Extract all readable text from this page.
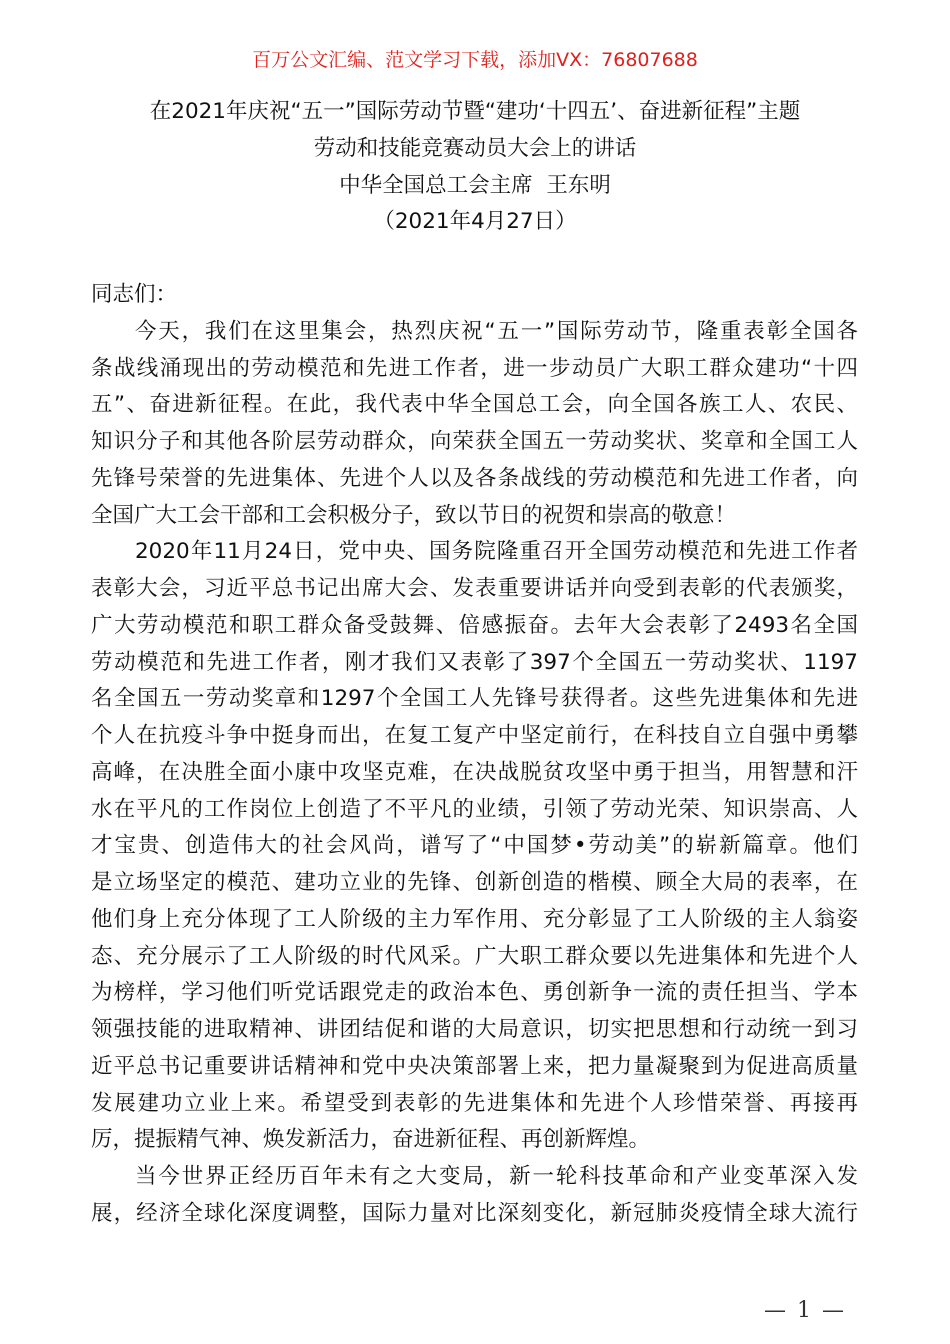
百万公文汇编、范文学习下载，添加VX：76807688
在2021年庆祝“五一”国际劳动节暨“建功‘十四五’、奋进新征程”主题
劳动和技能竞赛动员大会上的讲话
中华全国总工会主席  王东明
（2021年4月27日）
同志们：
今天，我们在这里集会，热烈庆祝“五一”国际劳动节，隆重表彰全国各
条战线涌现出的劳动模范和先进工作者，进一步动员广大职工群众建功“十四
五”、奋进新征程。在此，我代表中华全国总工会，向全国各族工人、农民、
知识分子和其他各阶层劳动群众，向荣获全国五一劳动奖状、奖章和全国工人
先锋号荣誉的先进集体、先进个人以及各条战线的劳动模范和先进工作者，向
全国广大工会干部和工会积极分子，致以节日的祝贺和崇高的敬意！
2020年11月24日，党中央、国务院隆重召开全国劳动模范和先进工作者
表彰大会，习近平总书记出席大会、发表重要讲话并向受到表彰的代表颁奖，
广大劳动模范和职工群众备受鼓舞、倍感振奋。去年大会表彰了2493名全国
劳动模范和先进工作者，刚才我们又表彰了397个全国五一劳动奖状、1197
名全国五一劳动奖章和1297个全国工人先锋号获得者。这些先进集体和先进
个人在抗疫斗争中挺身而出，在复工复产中坚定前行，在科技自立自强中勇攀
高峰，在决胜全面小康中攻坚克难，在决战脱贫攻坚中勇于担当，用智慧和汗
水在平凡的工作岗位上创造了不平凡的业绩，引领了劳动光荣、知识崇高、人
才宝贵、创造伟大的社会风尚，谱写了“中国梦•劳动美”的崭新篇章。他们
是立场坚定的模范、建功立业的先锋、创新创造的楷模、顾全大局的表率，在
他们身上充分体现了工人阶级的主力军作用、充分彰显了工人阶级的主人翁姿
态、充分展示了工人阶级的时代风采。广大职工群众要以先进集体和先进个人
为榜样，学习他们听党话跟党走的政治本色、勇创新争一流的责任担当、学本
领强技能的进取精神、讲团结促和谐的大局意识，切实把思想和行动统一到习
近平总书记重要讲话精神和党中央决策部署上来，把力量凝聚到为促进高质量
发展建功立业上来。希望受到表彰的先进集体和先进个人珍惜荣誉、再接再
厉，提振精气神、焕发新活力，奋进新征程、再创新辉煌。
当今世界正经历百年未有之大变局，新一轮科技革命和产业变革深入发
展，经济全球化深度调整，国际力量对比深刻变化，新冠肺炎疫情全球大流行
— 1 —
